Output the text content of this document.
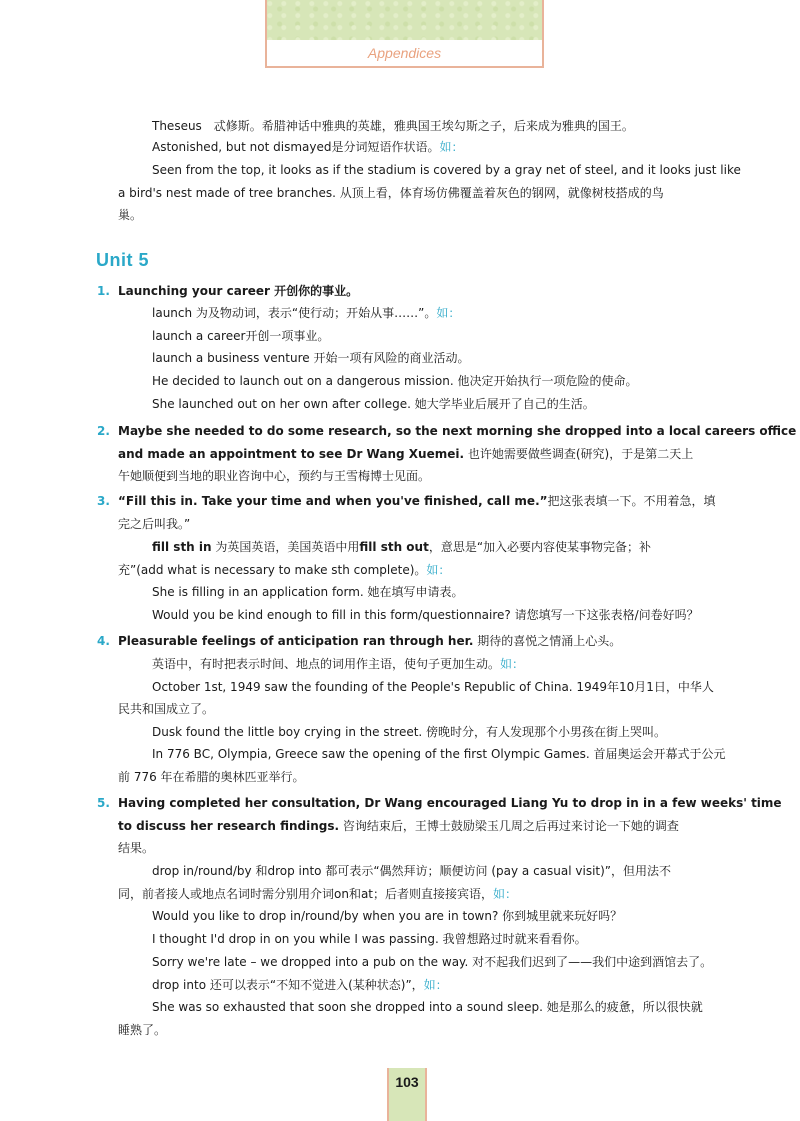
Appendices
Theseus　忒修斯。希腊神话中雅典的英雄，雅典国王埃勾斯之子，后来成为雅典的国王。
Astonished, but not dismayed是分词短语作状语。如：
Seen from the top, it looks as if the stadium is covered by a gray net of steel, and it looks just like
a bird's nest made of tree branches. 从顶上看，体育场仿佛覆盖着灰色的钢网，就像树枝搭成的鸟
巢。
Unit 5
1. Launching your career 开创你的事业。
launch 为及物动词，表示“使行动；开始从事……”。如：
launch a career开创一项事业。
launch a business venture 开始一项有风险的商业活动。
He decided to launch out on a dangerous mission. 他决定开始执行一项危险的使命。
She launched out on her own after college. 她大学毕业后展开了自己的生活。
2. Maybe she needed to do some research, so the next morning she dropped into a local careers office
and made an appointment to see Dr Wang Xuemei. 也许她需要做些调查(研究)，于是第二天上
午她顺便到当地的职业咨询中心，预约与王雪梅博士见面。
3. “Fill this in. Take your time and when you've finished, call me.”把这张表填一下。不用着急，填
完之后叫我。”
fill sth in 为英国英语，美国英语中用fill sth out，意思是“加入必要内容使某事物完备；补
充”(add what is necessary to make sth complete)。如：
She is filling in an application form. 她在填写申请表。
Would you be kind enough to fill in this form/questionnaire? 请您填写一下这张表格/问卷好吗？
4. Pleasurable feelings of anticipation ran through her. 期待的喜悦之情涌上心头。
英语中，有时把表示时间、地点的词用作主语，使句子更加生动。如：
October 1st, 1949 saw the founding of the People's Republic of China. 1949年10月1日，中华人
民共和国成立了。
Dusk found the little boy crying in the street. 傍晚时分，有人发现那个小男孩在街上哭叫。
In 776 BC, Olympia, Greece saw the opening of the first Olympic Games. 首届奥运会开幕式于公元
前 776 年在希腊的奥林匹亚举行。
5. Having completed her consultation, Dr Wang encouraged Liang Yu to drop in in a few weeks' time
to discuss her research findings. 咨询结束后，王博士鼓励梁玉几周之后再过来讨论一下她的调查
结果。
drop in/round/by 和drop into 都可表示“偶然拜访；顺便访问 (pay a casual visit)”，但用法不
同，前者接人或地点名词时需分别用介词on和at；后者则直接接宾语，如：
Would you like to drop in/round/by when you are in town? 你到城里就来玩好吗？
I thought I'd drop in on you while I was passing. 我曾想路过时就来看看你。
Sorry we're late – we dropped into a pub on the way. 对不起我们迟到了——我们中途到酒馆去了。
drop into 还可以表示“不知不觉进入(某种状态)”，如：
She was so exhausted that soon she dropped into a sound sleep. 她是那么的疲惫，所以很快就
睡熟了。
103
